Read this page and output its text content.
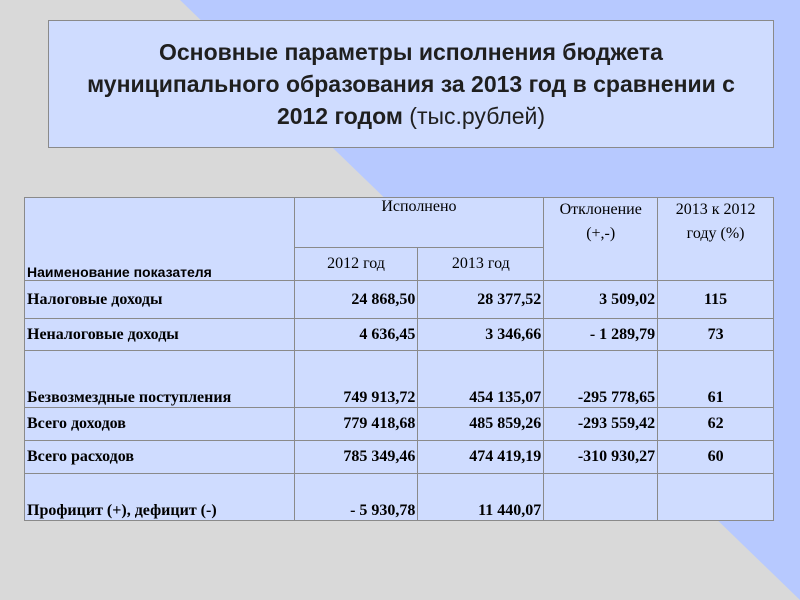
Основные параметры исполнения бюджета
муниципального образования за 2013 год в сравнении с
2012 годом (тыс.рублей)
Наименование показателя	Исполнено		Отклонение (+,-)	2013 к 2012 году (%)
	2012 год	2013 год		
Налоговые доходы	24 868,50	28 377,52	3 509,02	115
Неналоговые доходы	4 636,45	3 346,66	- 1 289,79	73
Безвозмездные поступления	749 913,72	454 135,07	-295 778,65	61
Всего доходов	779 418,68	485 859,26	-293 559,42	62
Всего расходов	785 349,46	474 419,19	-310 930,27	60
Профицит (+), дефицит (-)	- 5 930,78	11 440,07		
